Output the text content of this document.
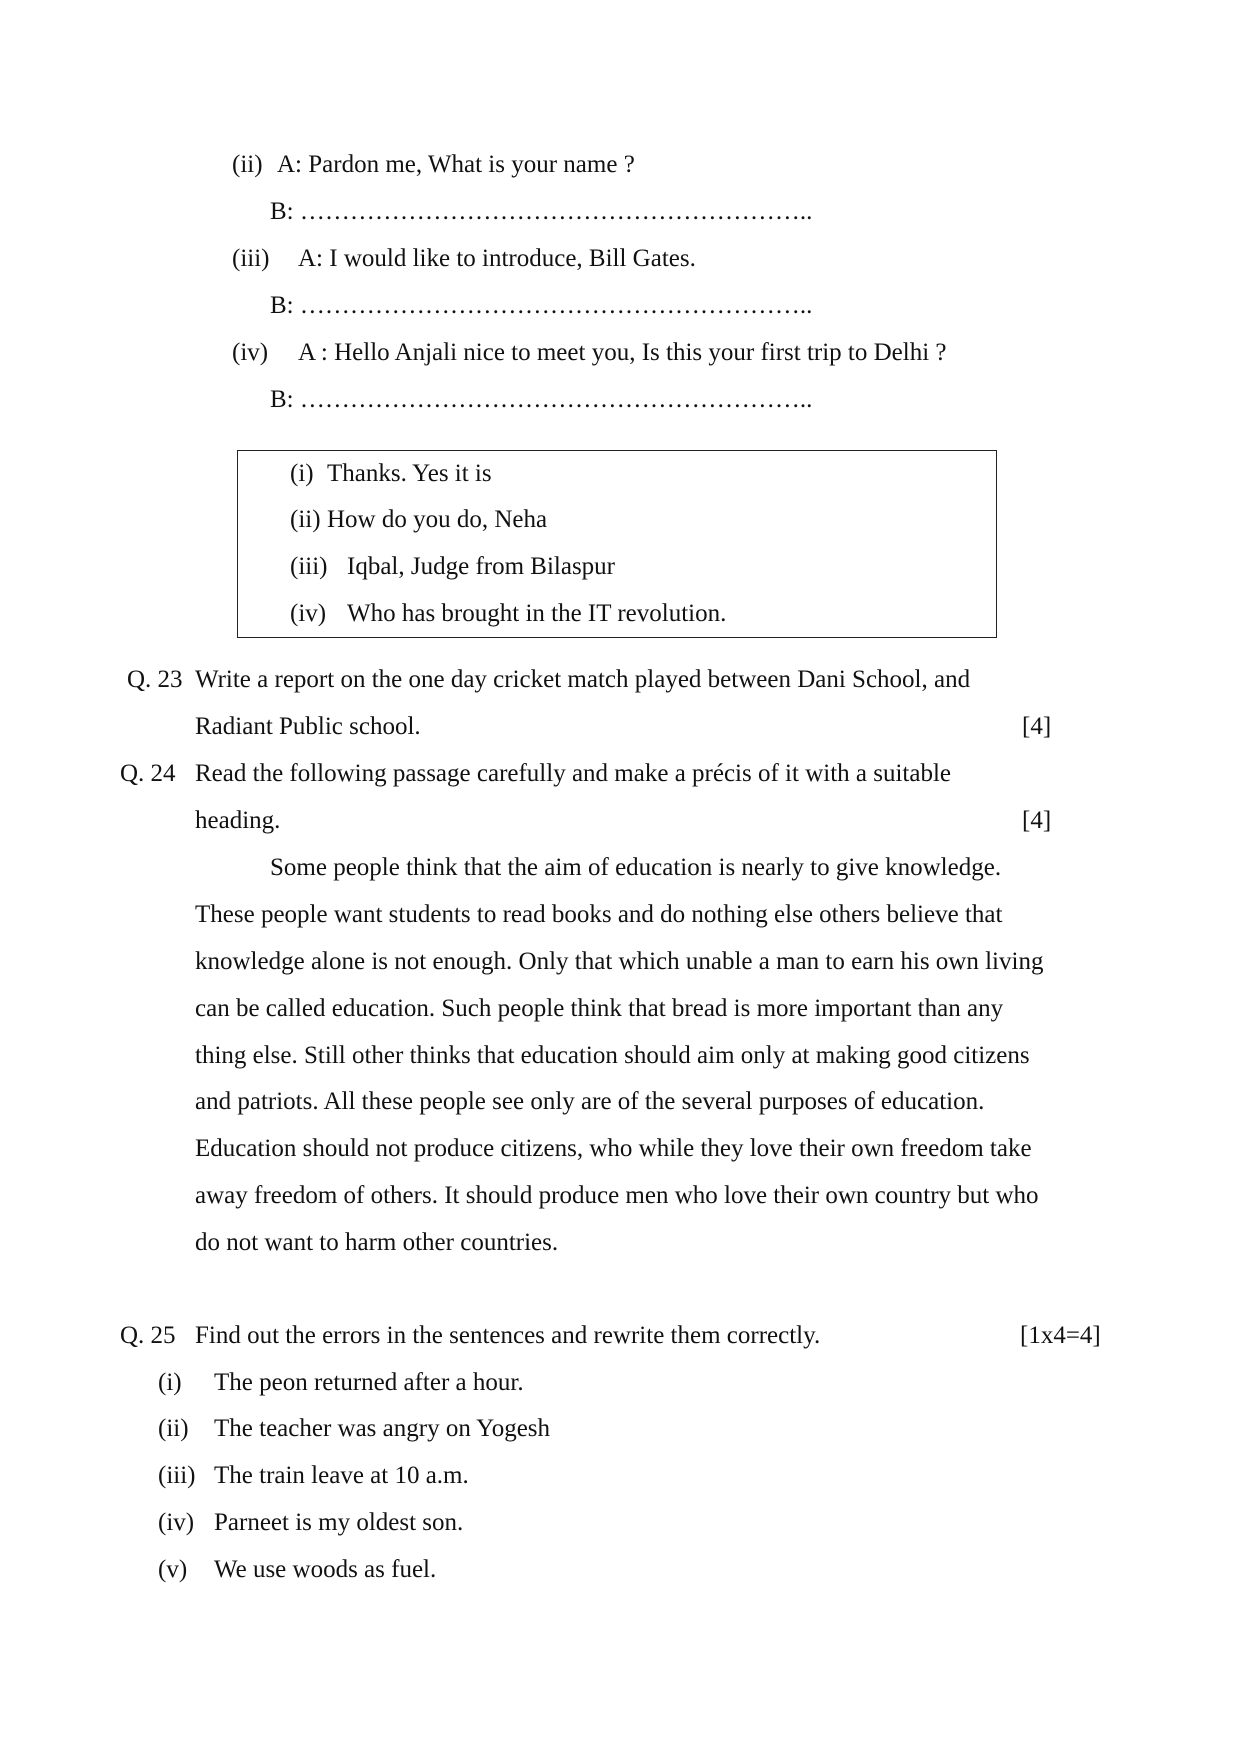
(ii) A: Pardon me, What is your name ?
B: ……………………………………………………..
(iii) A: I would like to introduce, Bill Gates.
B: ……………………………………………………..
(iv) A : Hello Anjali nice to meet you, Is this your first trip to Delhi ?
B: ……………………………………………………..
(i) Thanks. Yes it is
(ii) How do you do, Neha
(iii) Iqbal, Judge from Bilaspur
(iv) Who has brought in the IT revolution.
Q. 23 Write a report on the one day cricket match played between Dani School, and
Radiant Public school.	[4]
Q. 24 Read the following passage carefully and make a précis of it with a suitable
heading.	[4]
Some people think that the aim of education is nearly to give knowledge.
These people want students to read books and do nothing else others believe that
knowledge alone is not enough. Only that which unable a man to earn his own living
can be called education. Such people think that bread is more important than any
thing else. Still other thinks that education should aim only at making good citizens
and patriots. All these people see only are of the several purposes of education.
Education should not produce citizens, who while they love their own freedom take
away freedom of others. It should produce men who love their own country but who
do not want to harm other countries.
Q. 25 Find out the errors in the sentences and rewrite them correctly.	[1x4=4]
(i) The peon returned after a hour.
(ii) The teacher was angry on Yogesh
(iii) The train leave at 10 a.m.
(iv) Parneet is my oldest son.
(v) We use woods as fuel.
